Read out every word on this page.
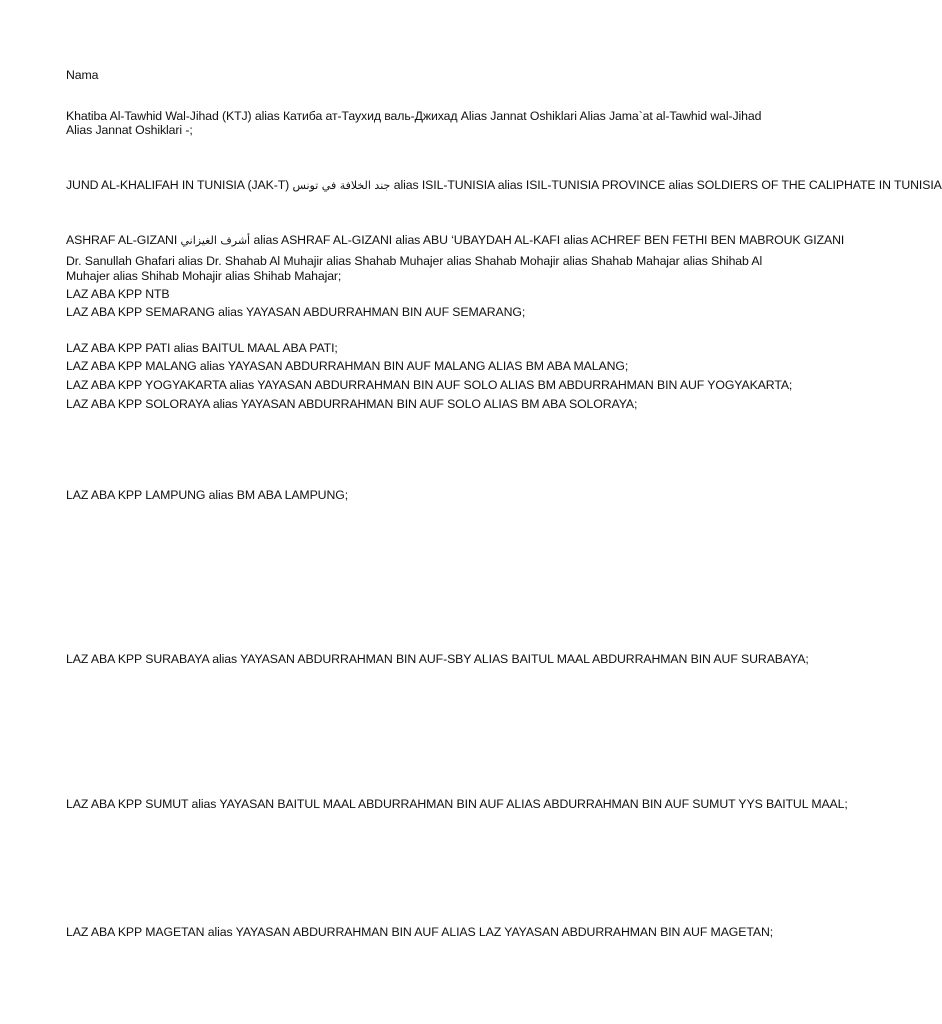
Nama
Khatiba Al-Tawhid Wal-Jihad (KTJ) alias Катиба ат-Таухид валь-Джихад Alias Jannat Oshiklari Alias Jama`at al-Tawhid wal-Jihad
Alias Jannat Oshiklari -;
JUND AL-KHALIFAH IN TUNISIA (JAK-T) جند الخلافة في تونس alias ISIL-TUNISIA alias ISIL-TUNISIA PROVINCE alias SOLDIERS OF THE CALIPHATE IN TUNISIA
ASHRAF AL-GIZANI أشرف الغيزاني alias ASHRAF AL-GIZANI alias ABU ‘UBAYDAH AL-KAFI alias ACHREF BEN FETHI BEN MABROUK GIZANI
Dr. Sanullah Ghafari alias Dr. Shahab Al Muhajir alias Shahab Muhajer alias Shahab Mohajir alias Shahab Mahajar alias Shihab Al
Muhajer alias Shihab Mohajir alias Shihab Mahajar;
LAZ ABA KPP NTB
LAZ ABA KPP SEMARANG alias YAYASAN ABDURRAHMAN BIN AUF SEMARANG;
LAZ ABA KPP PATI alias BAITUL MAAL ABA PATI;
LAZ ABA KPP MALANG alias YAYASAN ABDURRAHMAN BIN AUF MALANG ALIAS BM ABA MALANG;
LAZ ABA KPP YOGYAKARTA alias YAYASAN ABDURRAHMAN BIN AUF SOLO ALIAS BM ABDURRAHMAN BIN AUF YOGYAKARTA;
LAZ ABA KPP SOLORAYA alias YAYASAN ABDURRAHMAN BIN AUF SOLO ALIAS BM ABA SOLORAYA;
LAZ ABA KPP LAMPUNG alias BM ABA LAMPUNG;
LAZ ABA KPP SURABAYA alias YAYASAN ABDURRAHMAN BIN AUF-SBY ALIAS BAITUL MAAL ABDURRAHMAN BIN AUF SURABAYA;
LAZ ABA KPP SUMUT alias YAYASAN BAITUL MAAL ABDURRAHMAN BIN AUF ALIAS ABDURRAHMAN BIN AUF SUMUT YYS BAITUL MAAL;
LAZ ABA KPP MAGETAN alias YAYASAN ABDURRAHMAN BIN AUF ALIAS LAZ YAYASAN ABDURRAHMAN BIN AUF MAGETAN;
